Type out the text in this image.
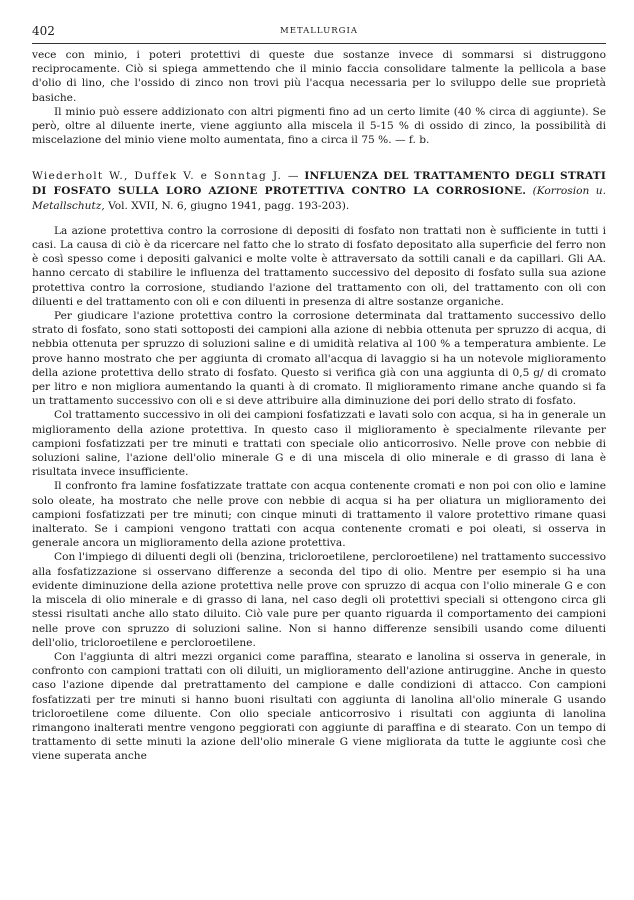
402	METALLURGIA

vece con minio, i poteri protettivi di queste due sostanze invece di sommarsi si distruggono reciprocamente. Ciò si spiega ammettendo che il minio faccia consolidare talmente la pellicola a base d'olio di lino, che l'ossido di zinco non trovi più l'acqua necessaria per lo sviluppo delle sue proprietà basiche.

Il minio può essere addizionato con altri pigmenti fino ad un certo limite (40 % circa di aggiunte). Se però, oltre al diluente inerte, viene aggiunto alla miscela il 5-15 % di ossido di zinco, la possibilità di miscelazione del minio viene molto aumentata, fino a circa il 75 %. — f. b.

Wiederholt W., Duffek V. e Sonntag J. — INFLUENZA DEL TRATTAMENTO DEGLI STRATI DI FOSFATO SULLA LORO AZIONE PROTETTIVA CONTRO LA CORROSIONE. (Korrosion u. Metallschutz, Vol. XVII, N. 6, giugno 1941, pagg. 193-203).

La azione protettiva contro la corrosione di depositi di fosfato non trattati non è sufficiente in tutti i casi. La causa di ciò è da ricercare nel fatto che lo strato di fosfato depositato alla superficie del ferro non è così spesso come i depositi galvanici e molte volte è attraversato da sottili canali e da capillari. Gli AA. hanno cercato di stabilire le influenza del trattamento successivo del deposito di fosfato sulla sua azione protettiva contro la corrosione, studiando l'azione del trattamento con oli, del trattamento con oli con diluenti e del trattamento con oli e con diluenti in presenza di altre sostanze organiche.

Per giudicare l'azione protettiva contro la corrosione determinata dal trattamento successivo dello strato di fosfato, sono stati sottoposti dei campioni alla azione di nebbia ottenuta per spruzzo di acqua, di nebbia ottenuta per spruzzo di soluzioni saline e di umidità relativa al 100 % a temperatura ambiente. Le prove hanno mostrato che per aggiunta di cromato all'acqua di lavaggio si ha un notevole miglioramento della azione protettiva dello strato di fosfato. Questo si verifica già con una aggiunta di 0,5 g/ di cromato per litro e non migliora aumentando la quanti à di cromato. Il miglioramento rimane anche quando si fa un trattamento successivo con oli e si deve attribuire alla diminuzione dei pori dello strato di fosfato.

Col trattamento successivo in oli dei campioni fosfatizzati e lavati solo con acqua, si ha in generale un miglioramento della azione protettiva. In questo caso il miglioramento è specialmente rilevante per campioni fosfatizzati per tre minuti e trattati con speciale olio anticorrosivo. Nelle prove con nebbie di soluzioni saline, l'azione dell'olio minerale G e di una miscela di olio minerale e di grasso di lana è risultata invece insufficiente.

Il confronto fra lamine fosfatizzate trattate con acqua contenente cromati e non poi con olio e lamine solo oleate, ha mostrato che nelle prove con nebbie di acqua si ha per oliatura un miglioramento dei campioni fosfatizzati per tre minuti; con cinque minuti di trattamento il valore protettivo rimane quasi inalterato. Se i campioni vengono trattati con acqua contenente cromati e poi oleati, si osserva in generale ancora un miglioramento della azione protettiva.

Con l'impiego di diluenti degli oli (benzina, tricloroetilene, percloroetilene) nel trattamento successivo alla fosfatizzazione si osservano differenze a seconda del tipo di olio. Mentre per esempio si ha una evidente diminuzione della azione protettiva nelle prove con spruzzo di acqua con l'olio minerale G e con la miscela di olio minerale e di grasso di lana, nel caso degli oli protettivi speciali si ottengono circa gli stessi risultati anche allo stato diluito. Ciò vale pure per quanto riguarda il comportamento dei campioni nelle prove con spruzzo di soluzioni saline. Non si hanno differenze sensibili usando come diluenti dell'olio, tricloroetilene e percloroetilene.

Con l'aggiunta di altri mezzi organici come paraffina, stearato e lanolina si osserva in generale, in confronto con campioni trattati con oli diluiti, un miglioramento dell'azione antiruggine. Anche in questo caso l'azione dipende dal pretrattamento del campione e dalle condizioni di attacco. Con campioni fosfatizzati per tre minuti si hanno buoni risultati con aggiunta di lanolina all'olio minerale G usando tricloroetilene come diluente. Con olio speciale anticorrosivo i risultati con aggiunta di lanolina rimangono inalterati mentre vengono peggiorati con aggiunte di paraffina e di stearato. Con un tempo di trattamento di sette minuti la azione dell'olio minerale G viene migliorata da tutte le aggiunte così che viene superata anche
